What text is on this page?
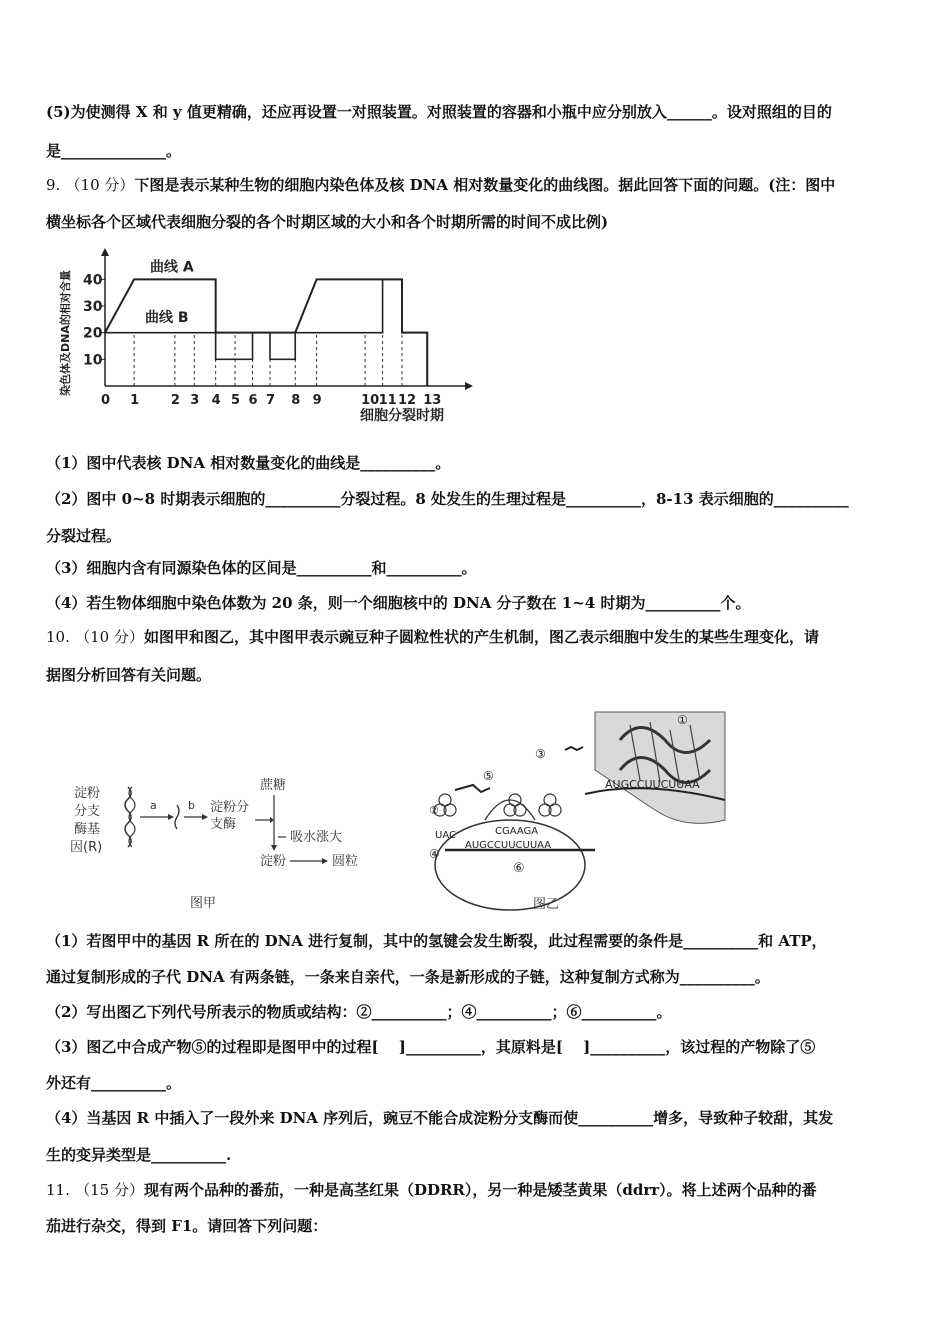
(5)为使测得 X 和 y 值更精确，还应再设置一对照装置。对照装置的容器和小瓶中应分别放入______。设对照组的目的
是______________。
9. （10 分）下图是表示某种生物的细胞内染色体及核 DNA 相对数量变化的曲线图。据此回答下面的问题。(注：图中
横坐标各个区域代表细胞分裂的各个时期区域的大小和各个时期所需的时间不成比例)
10
20
30
40
0 1 2 3 4 5 6 7 8 9	10 11 12 13
曲线 A
曲线 B
染色体及DNA的相对含量
细胞分裂时期
（1）图中代表核 DNA 相对数量变化的曲线是__________。
（2）图中 0~8 时期表示细胞的__________分裂过程。8 处发生的生理过程是__________，8-13 表示细胞的__________
分裂过程。
（3）细胞内含有同源染色体的区间是__________和__________。
（4）若生物体细胞中染色体数为 20 条，则一个细胞核中的 DNA 分子数在 1~4 时期为__________个。
10. （10 分）如图甲和图乙，其中图甲表示豌豆种子圆粒性状的产生机制，图乙表示细胞中发生的某些生理变化，请
据图分析回答有关问题。
淀粉
分支
酶基
因(R)
a	b 淀粉分
支酶
蔗糖
吸水涨大
淀粉	圆粒
图甲
①
AUGCCUUCUUAA
AUGCCUUCUUAA
CGAAGA
UAC
②
③
⑤
④
⑥
图乙
（1）若图甲中的基因 R 所在的 DNA 进行复制，其中的氢键会发生断裂，此过程需要的条件是__________和 ATP，
通过复制形成的子代 DNA 有两条链，一条来自亲代，一条是新形成的子链，这种复制方式称为__________。
（2）写出图乙下列代号所表示的物质或结构：②__________；④__________；⑥__________。
（3）图乙中合成产物⑤的过程即是图甲中的过程[　 ]__________，其原料是[　 ]__________，该过程的产物除了⑤
外还有__________。
（4）当基因 R 中插入了一段外来 DNA 序列后，豌豆不能合成淀粉分支酶而使__________增多，导致种子较甜，其发
生的变异类型是__________.
11. （15 分）现有两个品种的番茄，一种是高茎红果（DDRR），另一种是矮茎黄果（ddrr）。将上述两个品种的番
茄进行杂交，得到 F1。请回答下列问题：
